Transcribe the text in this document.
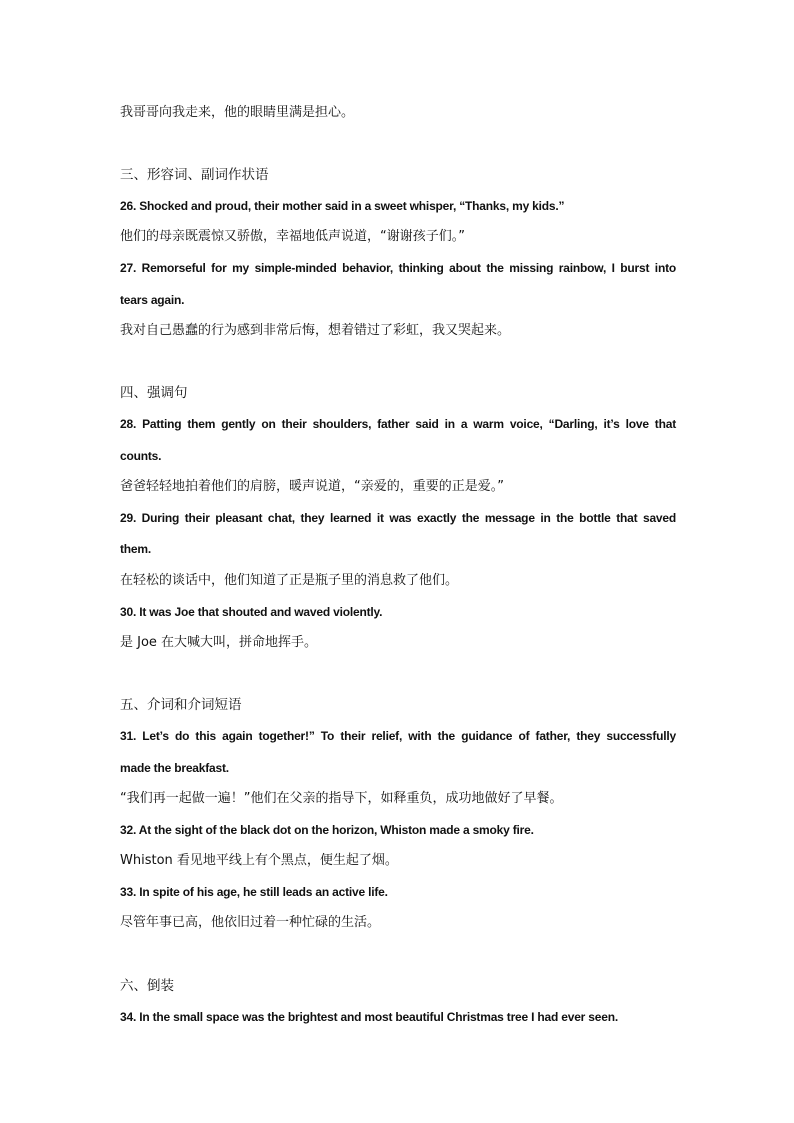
我哥哥向我走来，他的眼睛里满是担心。
三、形容词、副词作状语
26. Shocked and proud, their mother said in a sweet whisper, “Thanks, my kids.”
他们的母亲既震惊又骄傲，幸福地低声说道，“谢谢孩子们。”
27. Remorseful for my simple-minded behavior, thinking about the missing rainbow, I burst into
tears again.
我对自己愚蠢的行为感到非常后悔，想着错过了彩虹，我又哭起来。
四、强调句
28. Patting them gently on their shoulders, father said in a warm voice, “Darling, it’s love that
counts.
爸爸轻轻地拍着他们的肩膀，暖声说道，“亲爱的，重要的正是爱。”
29. During their pleasant chat, they learned it was exactly the message in the bottle that saved
them.
在轻松的谈话中，他们知道了正是瓶子里的消息救了他们。
30. It was Joe that shouted and waved violently.
是 Joe 在大喊大叫，拼命地挥手。
五、介词和介词短语
31. Let’s do this again together!” To their relief, with the guidance of father, they successfully
made the breakfast.
“我们再一起做一遍！”他们在父亲的指导下，如释重负，成功地做好了早餐。
32. At the sight of the black dot on the horizon, Whiston made a smoky fire.
Whiston 看见地平线上有个黑点，便生起了烟。
33. In spite of his age, he still leads an active life.
尽管年事已高，他依旧过着一种忙碌的生活。
六、倒装
34. In the small space was the brightest and most beautiful Christmas tree I had ever seen.
